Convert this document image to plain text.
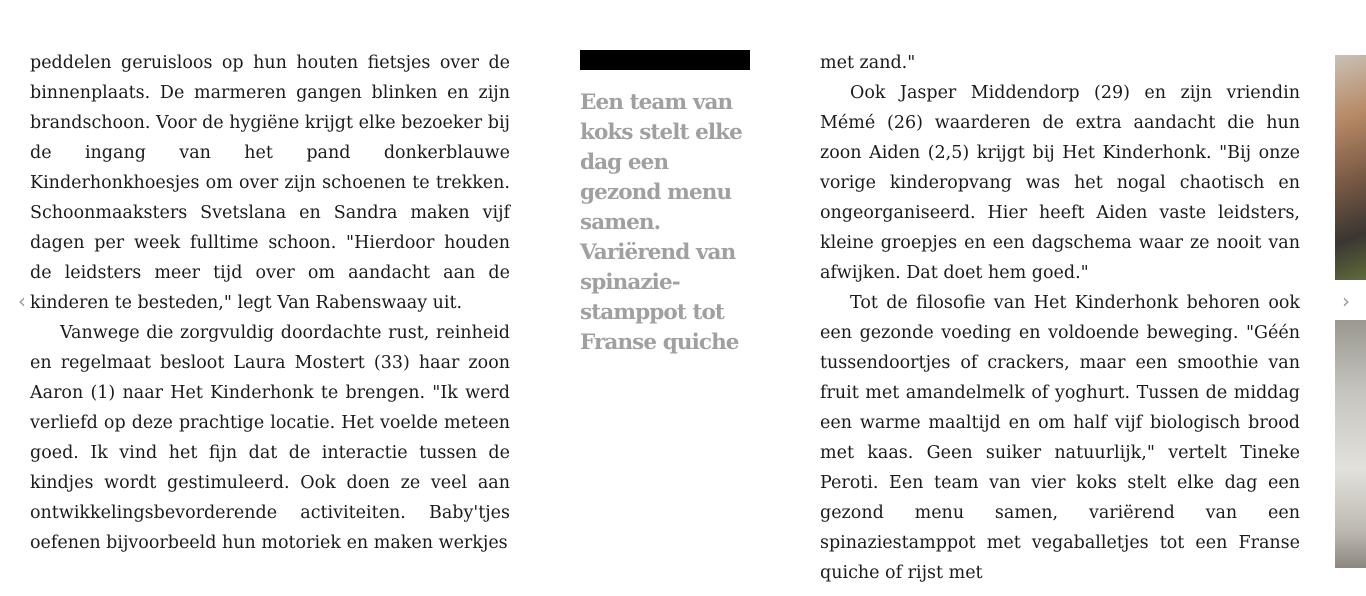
peddelen geruisloos op hun houten fietsjes over de binnenplaats. De marmeren gangen blinken en zijn brandschoon. Voor de hygiëne krijgt elke bezoeker bij de ingang van het pand donkerblauwe Kinderhonkhoesjes om over zijn schoenen te trekken. Schoonmaaksters Svetslana en Sandra maken vijf dagen per week fulltime schoon. "Hierdoor houden de leidsters meer tijd over om aandacht aan de kinderen te besteden," legt Van Rabenswaay uit.

Vanwege die zorgvuldig doordachte rust, reinheid en regelmaat besloot Laura Mostert (33) haar zoon Aaron (1) naar Het Kinderhonk te brengen. "Ik werd verliefd op deze prachtige locatie. Het voelde meteen goed. Ik vind het fijn dat de interactie tussen de kindjes wordt gestimuleerd. Ook doen ze veel aan ontwikkelingsbevorderende activiteiten. Baby'tjes oefenen bijvoorbeeld hun motoriek en maken werkjes

Een team van koks stelt elke dag een gezond menu samen. Variërend van spinazie-stamppot tot Franse quiche

met zand."

Ook Jasper Middendorp (29) en zijn vriendin Mémé (26) waarderen de extra aandacht die hun zoon Aiden (2,5) krijgt bij Het Kinderhonk. "Bij onze vorige kinderopvang was het nogal chaotisch en ongeorganiseerd. Hier heeft Aiden vaste leidsters, kleine groepjes en een dagschema waar ze nooit van afwijken. Dat doet hem goed."

Tot de filosofie van Het Kinderhonk behoren ook een gezonde voeding en voldoende beweging. "Géén tussendoortjes of crackers, maar een smoothie van fruit met amandelmelk of yoghurt. Tussen de middag een warme maaltijd en om half vijf biologisch brood met kaas. Geen suiker natuurlijk," vertelt Tineke Peroti. Een team van vier koks stelt elke dag een gezond menu samen, variërend van een spinaziestamppot met vegaballetjes tot een Franse quiche of rijst met

‹	›
